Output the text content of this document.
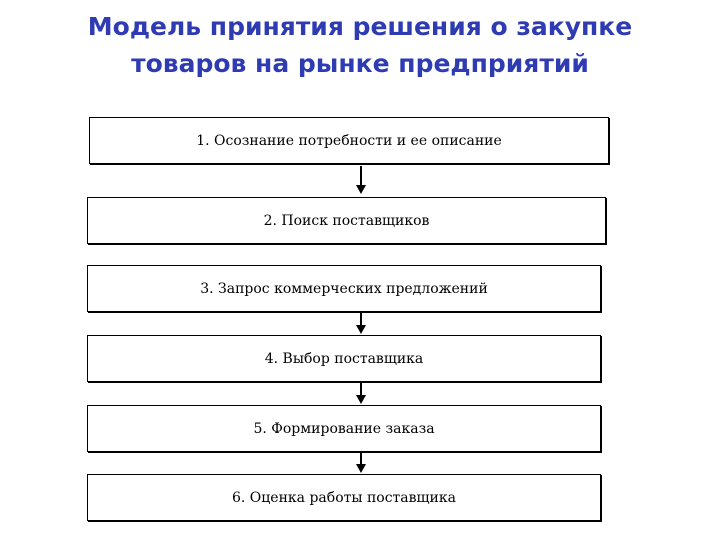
Модель принятия решения о закупке
товаров на рынке предприятий
1. Осознание потребности и ее описание
2. Поиск поставщиков
3. Запрос коммерческих предложений
4. Выбор поставщика
5. Формирование заказа
6. Оценка работы поставщика
